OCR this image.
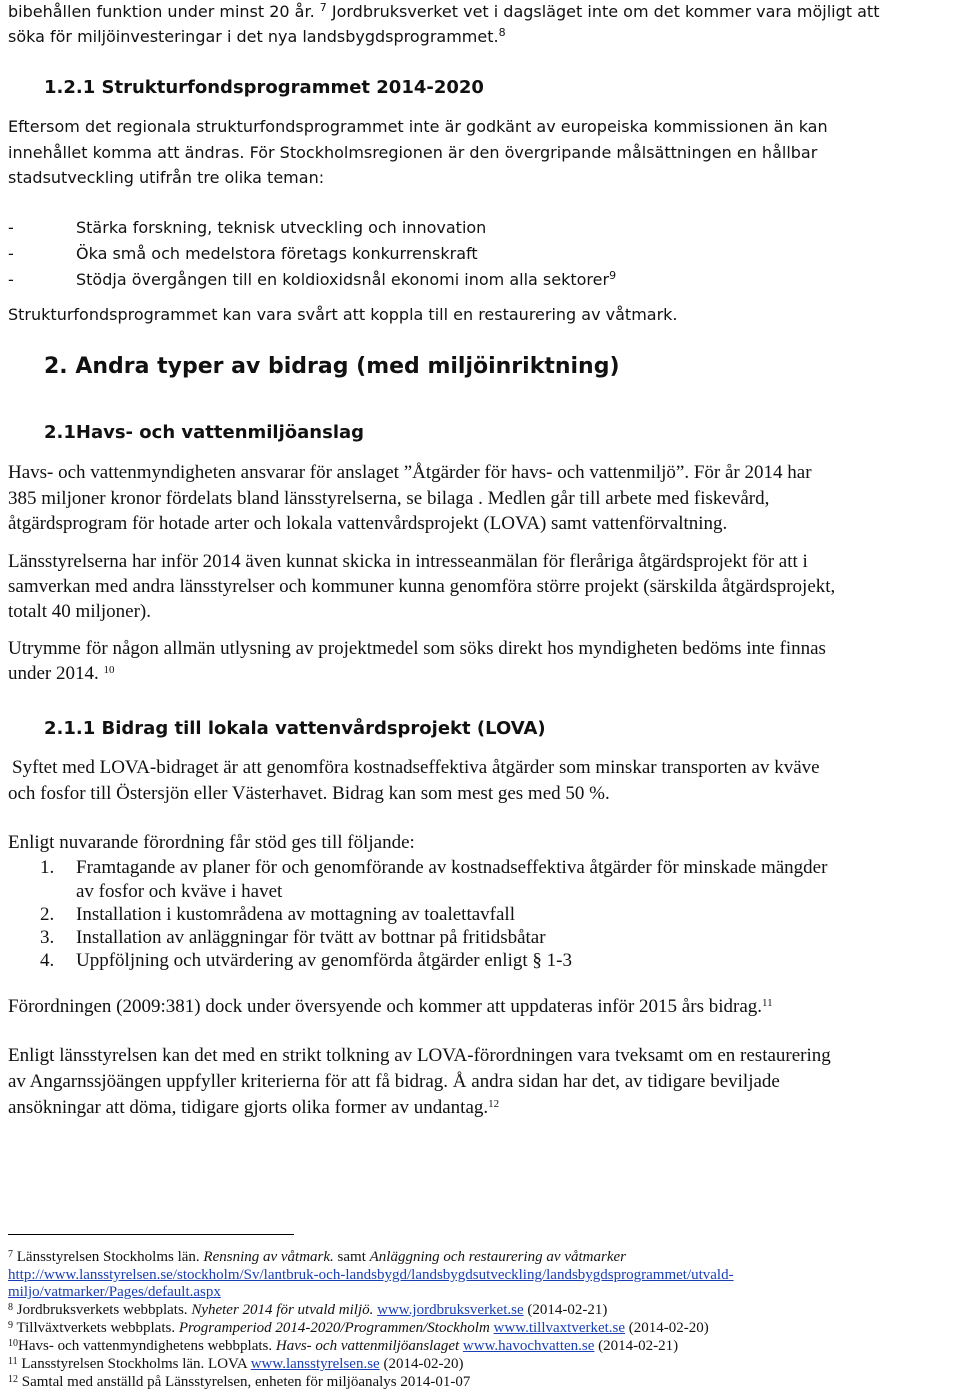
bibehållen funktion under minst 20 år. $^7$ Jordbruksverket vet i dagsläget inte om det kommer vara möjligt att
söka för miljöinvesteringar i det nya landsbygdsprogrammet.$^8$
1.2.1 Strukturfondsprogrammet 2014-2020
Eftersom det regionala strukturfondsprogrammet inte är godkänt av europeiska kommissionen än kan
innehållet komma att ändras. För Stockholmsregionen är den övergripande målsättningen en hållbar
stadsutveckling utifrån tre olika teman:
-	Stärka forskning, teknisk utveckling och innovation
-	Öka små och medelstora företags konkurrenskraft
-	Stödja övergången till en koldioxidsnål ekonomi inom alla sektorer$^9$
Strukturfondsprogrammet kan vara svårt att koppla till en restaurering av våtmark.
2. Andra typer av bidrag (med miljöinriktning)
2.1Havs- och vattenmiljöanslag
Havs- och vattenmyndigheten ansvarar för anslaget ”Åtgärder för havs- och vattenmiljö”. För år 2014 har
385 miljoner kronor fördelats bland länsstyrelserna, se bilaga . Medlen går till arbete med fiskevård,
åtgärdsprogram för hotade arter och lokala vattenvårdsprojekt (LOVA) samt vattenförvaltning.
Länsstyrelserna har inför 2014 även kunnat skicka in intresseanmälan för fleråriga åtgärdsprojekt för att i
samverkan med andra länsstyrelser och kommuner kunna genomföra större projekt (särskilda åtgärdsprojekt,
totalt 40 miljoner).
Utrymme för någon allmän utlysning av projektmedel som söks direkt hos myndigheten bedöms inte finnas
under 2014. $^{10}$
2.1.1 Bidrag till lokala vattenvårdsprojekt (LOVA)
Syftet med LOVA-bidraget är att genomföra kostnadseffektiva åtgärder som minskar transporten av kväve
och fosfor till Östersjön eller Västerhavet. Bidrag kan som mest ges med 50 %.
Enligt nuvarande förordning får stöd ges till följande:
1. Framtagande av planer för och genomförande av kostnadseffektiva åtgärder för minskade mängder
av fosfor och kväve i havet
2. Installation i kustområdena av mottagning av toalettavfall
3. Installation av anläggningar för tvätt av bottnar på fritidsbåtar
4. Uppföljning och utvärdering av genomförda åtgärder enligt § 1-3
Förordningen (2009:381) dock under översyende och kommer att uppdateras inför 2015 års bidrag.$^{11}$
Enligt länsstyrelsen kan det med en strikt tolkning av LOVA-förordningen vara tveksamt om en restaurering
av Angarnssjöängen uppfyller kriterierna för att få bidrag. Å andra sidan har det, av tidigare beviljade
ansökningar att döma, tidigare gjorts olika former av undantag.$^{12}$
$^7$ Länsstyrelsen Stockholms län. Rensning av våtmark. samt Anläggning och restaurering av våtmarker
http://www.lansstyrelsen.se/stockholm/Sv/lantbruk-och-landsbygd/landsbygdsutveckling/landsbygdsprogrammet/utvald-
miljo/vatmarker/Pages/default.aspx
$^8$ Jordbruksverkets webbplats. Nyheter 2014 för utvald miljö. www.jordbruksverket.se (2014-02-21)
$^9$ Tillväxtverkets webbplats. Programperiod 2014-2020/Programmen/Stockholm www.tillvaxtverket.se (2014-02-20)
$^{10}$Havs- och vattenmyndighetens webbplats. Havs- och vattenmiljöanslaget www.havochvatten.se (2014-02-21)
$^{11}$ Lansstyrelsen Stockholms län. LOVA www.lansstyrelsen.se (2014-02-20)
$^{12}$ Samtal med anställd på Länsstyrelsen, enheten för miljöanalys 2014-01-07
